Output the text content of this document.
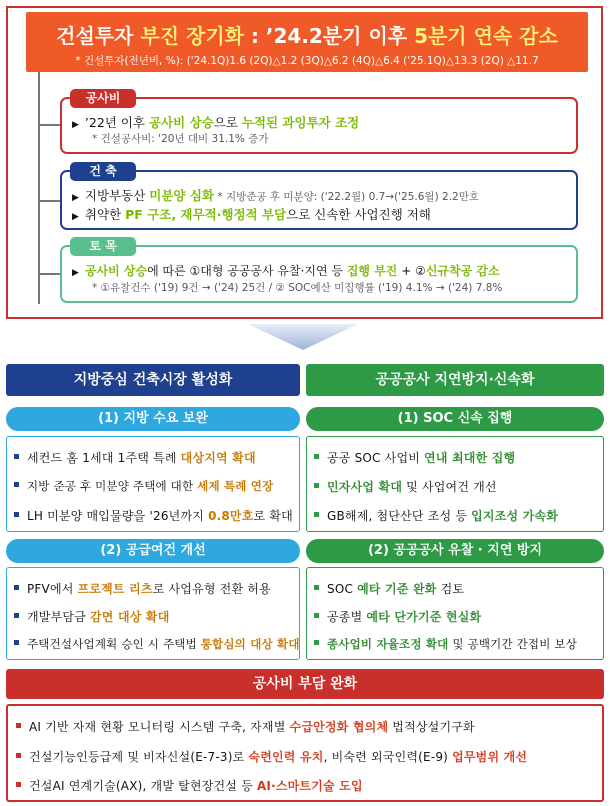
건설투자 부진 장기화 : ’24.2분기 이후 5분기 연속 감소
* 건설투자(전년비, %): ('24.1Q)1.6 (2Q)△1.2 (3Q)△6.2 (4Q)△6.4 ('25.1Q)△13.3 (2Q) △11.7
공사비
▶ ’22년 이후 공사비 상승으로 누적된 과잉투자 조정
* 건설공사비: '20년 대비 31.1% 증가
건 축
▶ 지방부동산 미분양 심화 * 지방준공 후 미분양: ('22.2월) 0.7→('25.6월) 2.2만호
▶ 취약한 PF 구조, 재무적·행정적 부담으로 신속한 사업진행 저해
토 목
▶ 공사비 상승에 따른 ①대형 공공공사 유찰·지연 등 집행 부진 + ②신규착공 감소
* ①유찰건수 ('19) 9건 → ('24) 25건 / ② SOC예산 미집행률 ('19) 4.1% → ('24) 7.8%
지방중심 건축시장 활성화
(1) 지방 수요 보완
세컨드 홈 1세대 1주택 특례 대상지역 확대
지방 준공 후 미분양 주택에 대한 세제 특례 연장
LH 미분양 매입물량을 '26년까지 0.8만호로 확대
(2) 공급여건 개선
PFV에서 프로젝트 리츠로 사업유형 전환 허용
개발부담금 감면 대상 확대
주택건설사업계획 승인 시 주택법 통합심의 대상 확대
공공공사 지연방지·신속화
(1) SOC 신속 집행
공공 SOC 사업비 연내 최대한 집행
민자사업 확대 및 사업여건 개선
GB해제, 첨단산단 조성 등 입지조성 가속화
(2) 공공공사 유찰 · 지연 방지
SOC 예타 기준 완화 검토
공종별 예타 단가기준 현실화
종사업비 자율조정 확대 및 공백기간 간접비 보상
공사비 부담 완화
AI 기반 자재 현황 모니터링 시스템 구축, 자재별 수급안정화 협의체 법적상설기구화
건설기능인등급제 및 비자신설(E-7-3)로 숙련인력 유치, 비숙련 외국인력(E-9) 업무범위 개선
건설AI 연계기술(AX), 개발 탈현장건설 등 AI·스마트기술 도입
